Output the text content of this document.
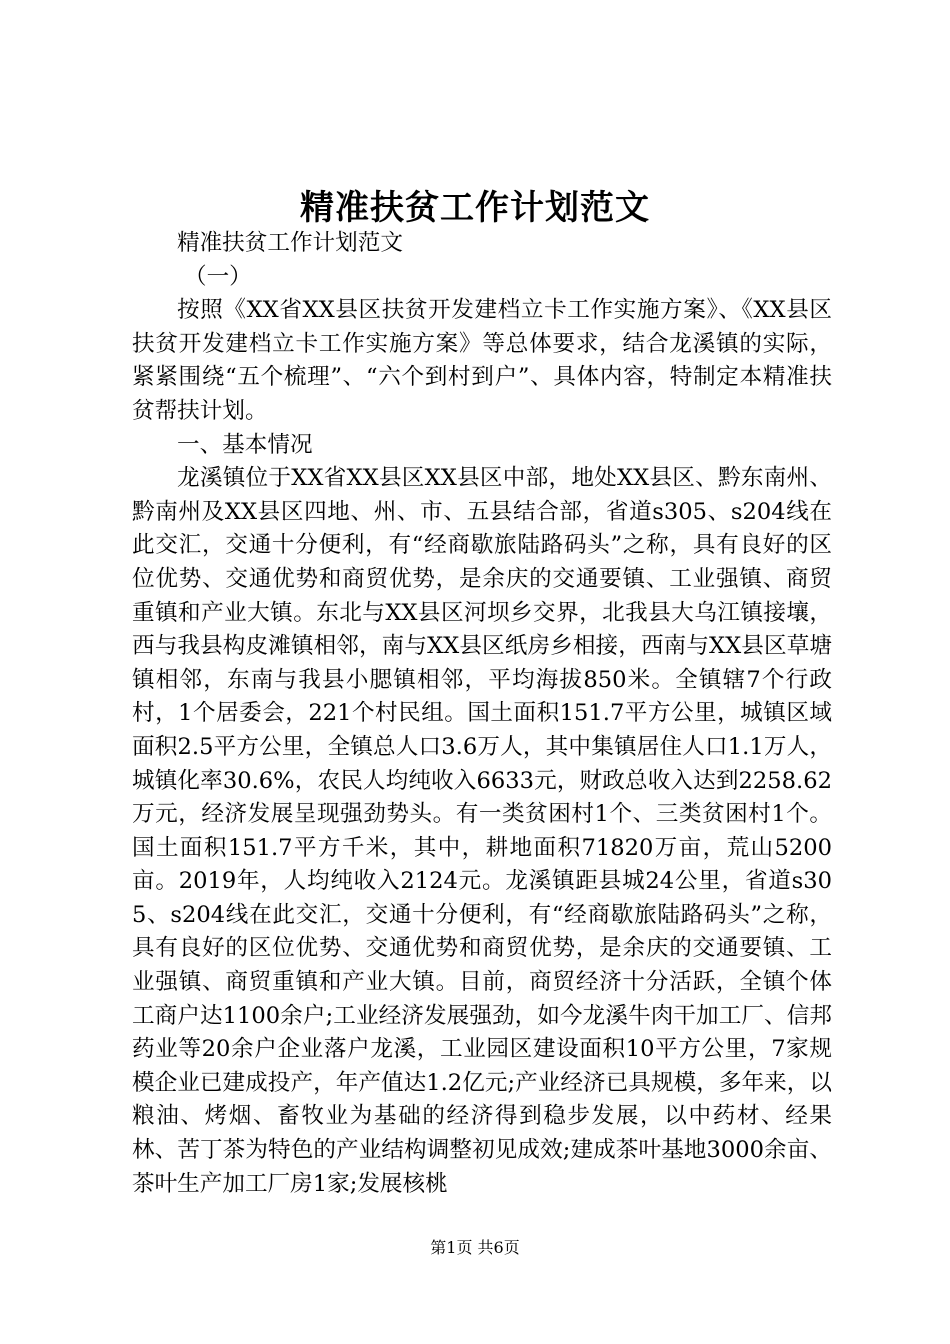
精准扶贫工作计划范文

精准扶贫工作计划范文

（一）

按照《XX省XX县区扶贫开发建档立卡工作实施方案》、《XX县区扶贫开发建档立卡工作实施方案》等总体要求，结合龙溪镇的实际，紧紧围绕“五个梳理”、“六个到村到户”、具体内容，特制定本精准扶贫帮扶计划。

一、基本情况

龙溪镇位于XX省XX县区XX县区中部，地处XX县区、黔东南州、黔南州及XX县区四地、州、市、五县结合部，省道s305、s204线在此交汇，交通十分便利，有“经商歇旅陆路码头”之称，具有良好的区位优势、交通优势和商贸优势，是余庆的交通要镇、工业强镇、商贸重镇和产业大镇。东北与XX县区河坝乡交界，北我县大乌江镇接壤，西与我县构皮滩镇相邻，南与XX县区纸房乡相接，西南与XX县区草塘镇相邻，东南与我县小腮镇相邻，平均海拔850米。全镇辖7个行政村，1个居委会，221个村民组。国土面积151.7平方公里，城镇区域面积2.5平方公里，全镇总人口3.6万人，其中集镇居住人口1.1万人，城镇化率30.6%，农民人均纯收入6633元，财政总收入达到2258.62万元，经济发展呈现强劲势头。有一类贫困村1个、三类贫困村1个。国土面积151.7平方千米，其中，耕地面积71820万亩，荒山5200亩。2019年，人均纯收入2124元。龙溪镇距县城24公里，省道s305、s204线在此交汇，交通十分便利，有“经商歇旅陆路码头”之称，具有良好的区位优势、交通优势和商贸优势，是余庆的交通要镇、工业强镇、商贸重镇和产业大镇。目前，商贸经济十分活跃，全镇个体工商户达1100余户;工业经济发展强劲，如今龙溪牛肉干加工厂、信邦药业等20余户企业落户龙溪，工业园区建设面积10平方公里，7家规模企业已建成投产，年产值达1.2亿元;产业经济已具规模，多年来，以粮油、烤烟、畜牧业为基础的经济得到稳步发展，以中药材、经果林、苦丁茶为特色的产业结构调整初见成效;建成茶叶基地3000余亩、茶叶生产加工厂房1家;发展核桃

第1页 共6页
